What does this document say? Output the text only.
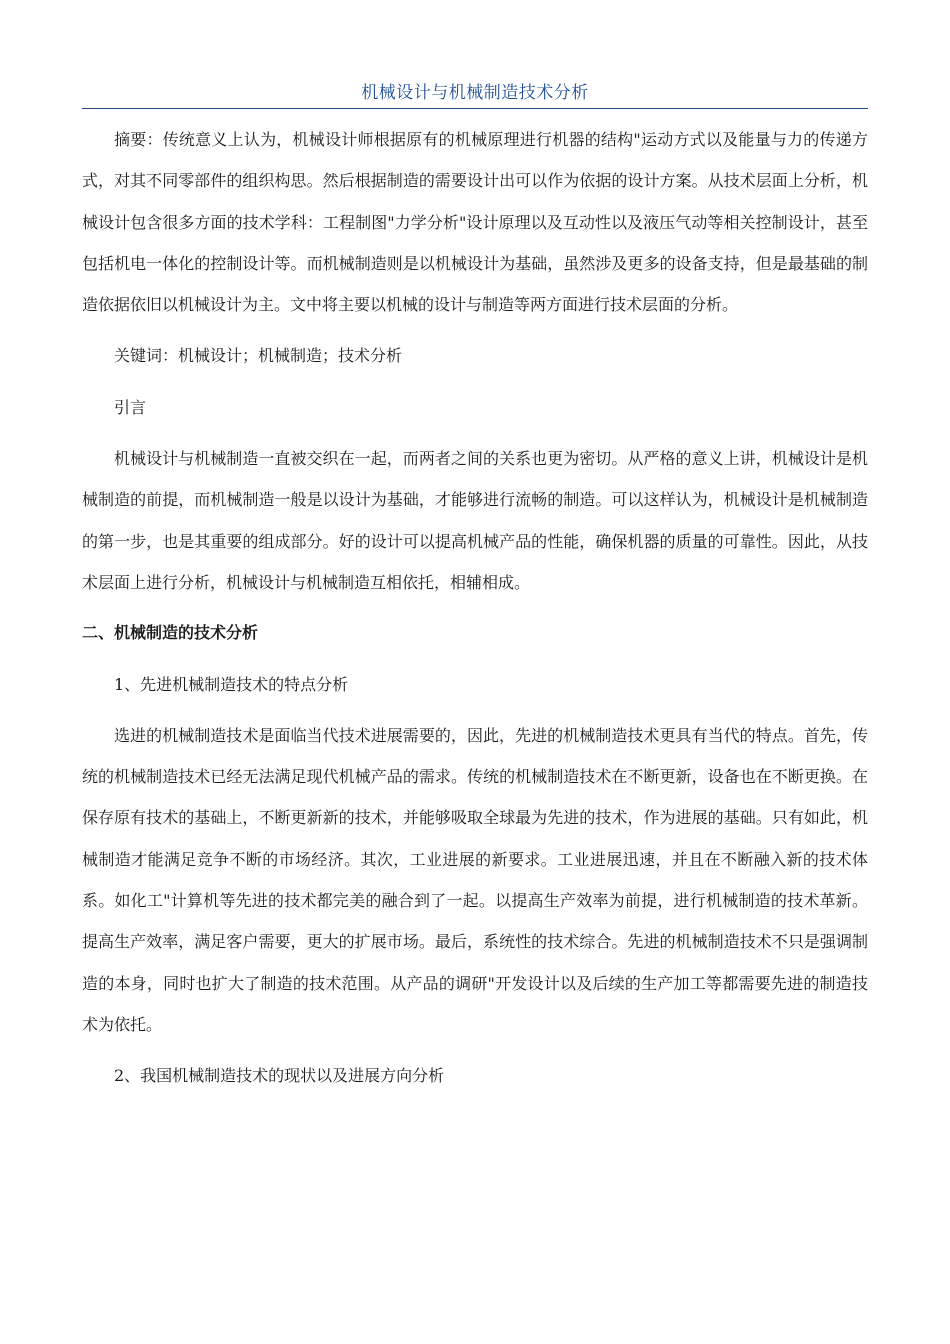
机械设计与机械制造技术分析

摘要：传统意义上认为，机械设计师根据原有的机械原理进行机器的结构"运动方式以及能量与力的传递方式，对其不同零部件的组织构思。然后根据制造的需要设计出可以作为依据的设计方案。从技术层面上分析，机械设计包含很多方面的技术学科：工程制图"力学分析"设计原理以及互动性以及液压气动等相关控制设计，甚至包括机电一体化的控制设计等。而机械制造则是以机械设计为基础，虽然涉及更多的设备支持，但是最基础的制造依据依旧以机械设计为主。文中将主要以机械的设计与制造等两方面进行技术层面的分析。

关键词：机械设计；机械制造；技术分析

引言

机械设计与机械制造一直被交织在一起，而两者之间的关系也更为密切。从严格的意义上讲，机械设计是机械制造的前提，而机械制造一般是以设计为基础，才能够进行流畅的制造。可以这样认为，机械设计是机械制造的第一步，也是其重要的组成部分。好的设计可以提高机械产品的性能，确保机器的质量的可靠性。因此，从技术层面上进行分析，机械设计与机械制造互相依托，相辅相成。

二、机械制造的技术分析

1、先进机械制造技术的特点分析

选进的机械制造技术是面临当代技术进展需要的，因此，先进的机械制造技术更具有当代的特点。首先，传统的机械制造技术已经无法满足现代机械产品的需求。传统的机械制造技术在不断更新，设备也在不断更换。在保存原有技术的基础上，不断更新新的技术，并能够吸取全球最为先进的技术，作为进展的基础。只有如此，机械制造才能满足竞争不断的市场经济。其次，工业进展的新要求。工业进展迅速，并且在不断融入新的技术体系。如化工"计算机等先进的技术都完美的融合到了一起。以提高生产效率为前提，进行机械制造的技术革新。提高生产效率，满足客户需要，更大的扩展市场。最后，系统性的技术综合。先进的机械制造技术不只是强调制造的本身，同时也扩大了制造的技术范围。从产品的调研"开发设计以及后续的生产加工等都需要先进的制造技术为依托。

2、我国机械制造技术的现状以及进展方向分析
